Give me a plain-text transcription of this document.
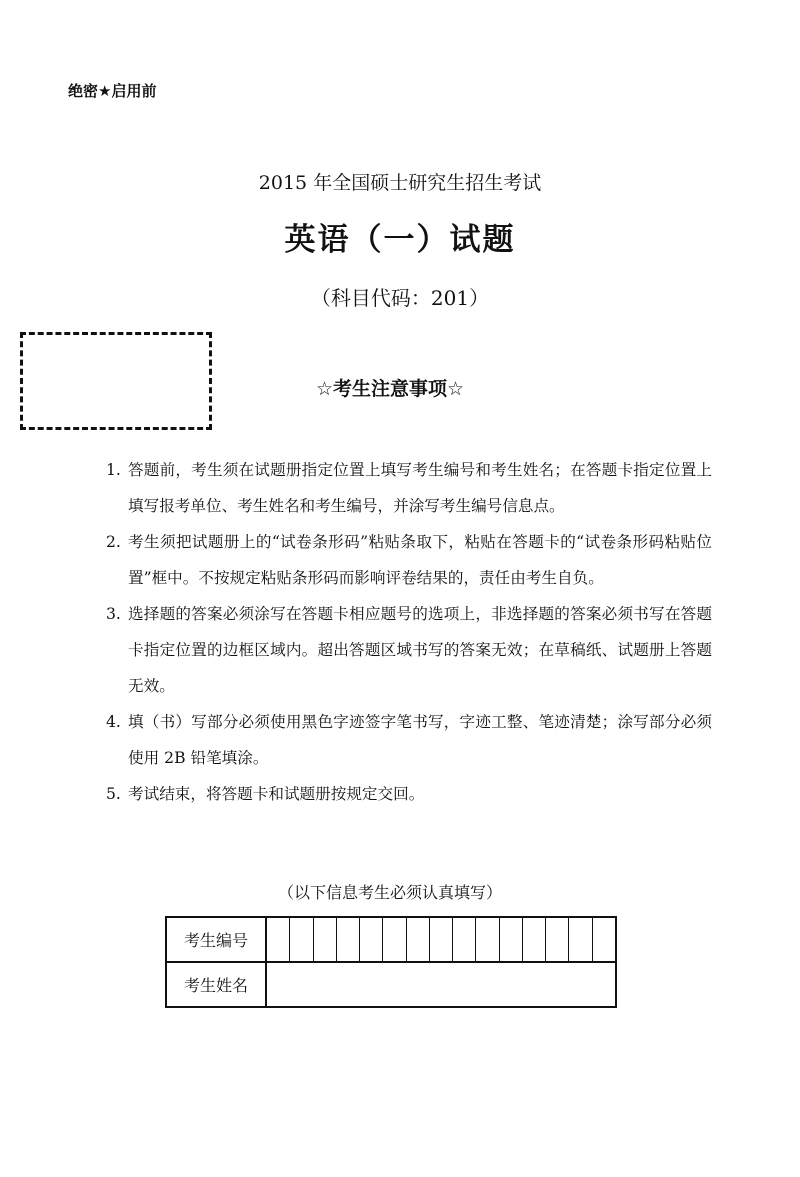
绝密★启用前
2015 年全国硕士研究生招生考试
英语（一）试题
（科目代码：201）
☆考生注意事项☆
1. 答题前，考生须在试题册指定位置上填写考生编号和考生姓名；在答题卡指定位置上填写报考单位、考生姓名和考生编号，并涂写考生编号信息点。
2. 考生须把试题册上的“试卷条形码”粘贴条取下，粘贴在答题卡的“试卷条形码粘贴位置”框中。不按规定粘贴条形码而影响评卷结果的，责任由考生自负。
3. 选择题的答案必须涂写在答题卡相应题号的选项上，非选择题的答案必须书写在答题卡指定位置的边框区域内。超出答题区域书写的答案无效；在草稿纸、试题册上答题无效。
4. 填（书）写部分必须使用黑色字迹签字笔书写，字迹工整、笔迹清楚；涂写部分必须使用 2B 铅笔填涂。
5. 考试结束，将答题卡和试题册按规定交回。
（以下信息考生必须认真填写）
考生编号	

考生姓名	
